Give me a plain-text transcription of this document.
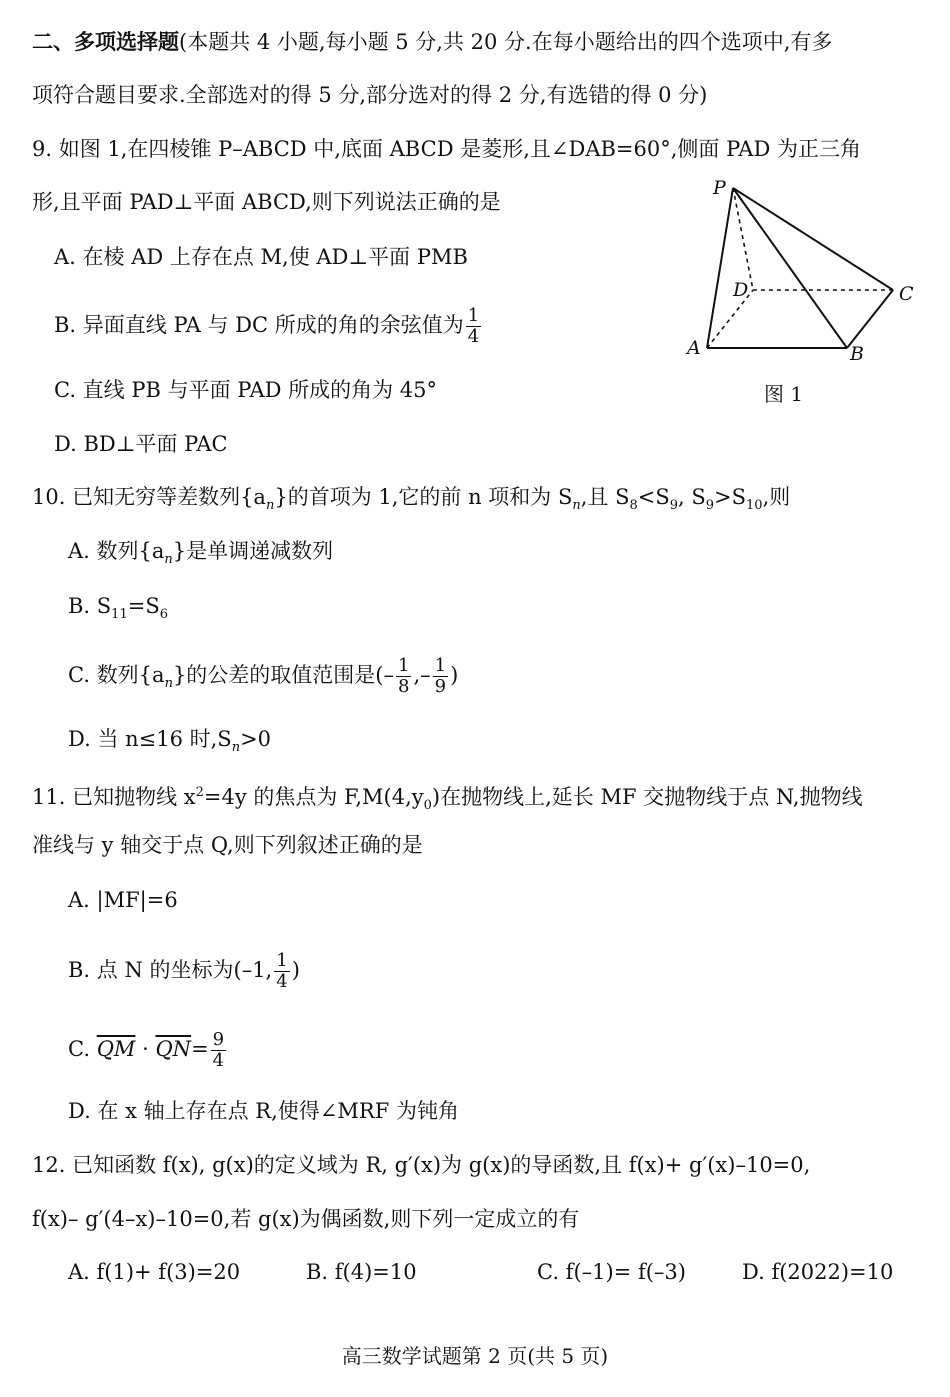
二、多项选择题(本题共 4 小题,每小题 5 分,共 20 分.在每小题给出的四个选项中,有多
项符合题目要求.全部选对的得 5 分,部分选对的得 2 分,有选错的得 0 分)
9. 如图 1,在四棱锥 P–ABCD 中,底面 ABCD 是菱形,且∠DAB=60°,侧面 PAD 为正三角
形,且平面 PAD⊥平面 ABCD,则下列说法正确的是
A. 在棱 AD 上存在点 M,使 AD⊥平面 PMB
B. 异面直线 PA 与 DC 所成的角的余弦值为 $\frac{1}{4}$
C. 直线 PB 与平面 PAD 所成的角为 45°
D. BD⊥平面 PAC
P
D	C
A	B
图 1
10. 已知无穷等差数列$\{a_n\}$的首项为 1,它的前 n 项和为 $S_n$,且 $S_8<S_9$, $S_9>S_{10}$,则
A. 数列$\{a_n\}$是单调递减数列
B. $S_{11}=S_6$
C. 数列$\{a_n\}$的公差的取值范围是(– $\frac{1}{8}$ ,– $\frac{1}{9}$ )
D. 当 n≤16 时$,S_n>0$
11. 已知抛物线 $x^2=4y$ 的焦点为 $F,M(4,y_0)$在抛物线上,延长 MF 交抛物线于点 N,抛物线
准线与 y 轴交于点 Q,则下列叙述正确的是
A. |MF|=6
B. 点 N 的坐标为(–1, $\frac{1}{4}$ )
C. $\overline{QM} \cdot \overline{QN}= \frac{9}{4}$
D. 在 x 轴上存在点 R,使得∠MRF 为钝角
12. 已知函数 f(x), g(x)的定义域为 R, g′(x)为 g(x)的导函数,且 f(x)+ g′(x)–10=0,
f(x)– g′(4–x)–10=0,若 g(x)为偶函数,则下列一定成立的有
A. f(1)+ f(3)=20	B. f(4)=10	C. f(–1)= f(–3)	D. f(2022)=10
高三数学试题第 2 页(共 5 页)
